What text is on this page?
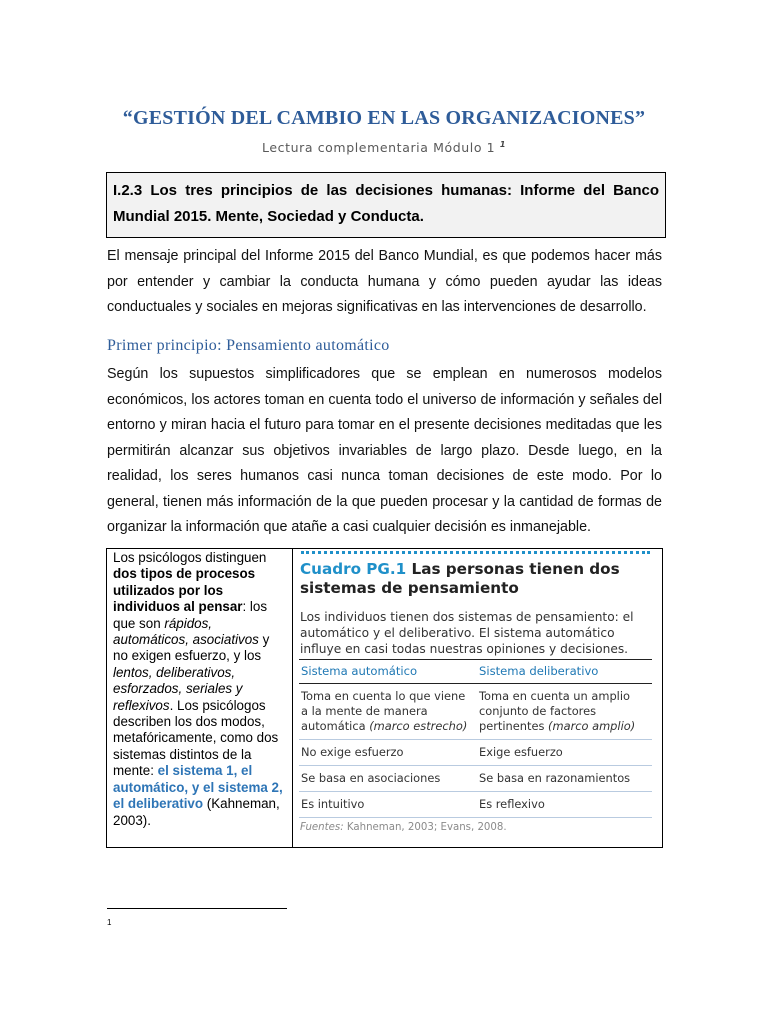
“GESTIÓN DEL CAMBIO EN LAS ORGANIZACIONES”
Lectura complementaria Módulo 1 $^1$
I.2.3 Los tres principios de las decisiones humanas: Informe del Banco Mundial 2015. Mente, Sociedad y Conducta.
El mensaje principal del Informe 2015 del Banco Mundial, es que podemos hacer más por entender y cambiar la conducta humana y cómo pueden ayudar las ideas conductuales y sociales en mejoras significativas en las intervenciones de desarrollo.
Primer principio: Pensamiento automático
Según los supuestos simplificadores que se emplean en numerosos modelos económicos, los actores toman en cuenta todo el universo de información y señales del entorno y miran hacia el futuro para tomar en el presente decisiones meditadas que les permitirán alcanzar sus objetivos invariables de largo plazo. Desde luego, en la realidad, los seres humanos casi nunca toman decisiones de este modo. Por lo general, tienen más información de la que pueden procesar y la cantidad de formas de organizar la información que atañe a casi cualquier decisión es inmanejable.
Los psicólogos distinguen dos tipos de procesos utilizados por los individuos al pensar: los que son rápidos, automáticos, asociativos y no exigen esfuerzo, y los lentos, deliberativos, esforzados, seriales y reflexivos. Los psicólogos describen los dos modos, metafóricamente, como dos sistemas distintos de la mente: el sistema 1, el automático, y el sistema 2, el deliberativo (Kahneman, 2003).
Cuadro PG.1 Las personas tienen dos sistemas de pensamiento
Los individuos tienen dos sistemas de pensamiento: el automático y el deliberativo. El sistema automático influye en casi todas nuestras opiniones y decisiones.
Sistema automático	Sistema deliberativo
Toma en cuenta lo que viene a la mente de manera automática (marco estrecho)	Toma en cuenta un amplio conjunto de factores pertinentes (marco amplio)
No exige esfuerzo	Exige esfuerzo
Se basa en asociaciones	Se basa en razonamientos
Es intuitivo	Es reflexivo
Fuentes: Kahneman, 2003; Evans, 2008.
1
